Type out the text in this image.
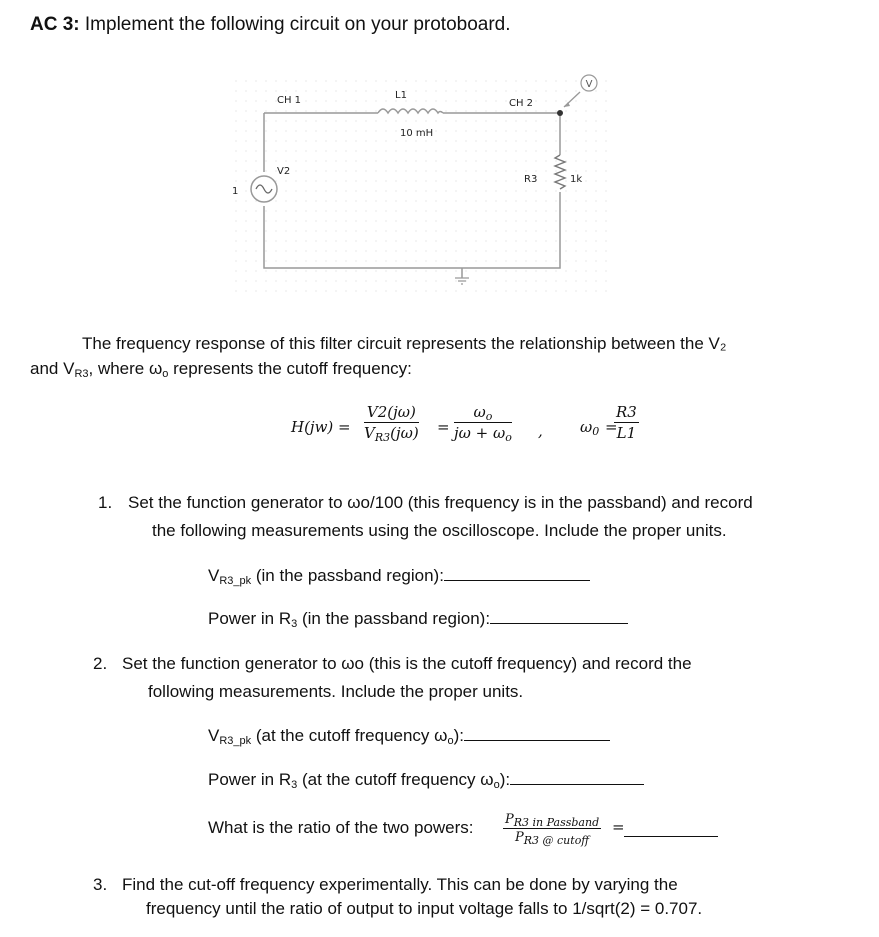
AC 3: Implement the following circuit on your protoboard.
V
CH 1	CH 2
L1
10 mH
V2
1
R3	1k
The frequency response of this filter circuit represents the relationship between the V₂
and $V_{R3}$, where $\omega_o$ represents the cutoff frequency:
$H(jw) = \frac{V2(j\omega)}{V_{R3}(j\omega)} = \frac{\omega_o}{j\omega + \omega_o}$ , $\omega_0$ =
$\frac{R3}{L1}$
1. Set the function generator to ωo/100 (this frequency is in the passband) and record
the following measurements using the oscilloscope. Include the proper units.
$V_{R3\_pk}$ (in the passband region):
Power in $R_3$ (in the passband region):
2. Set the function generator to ωo (this is the cutoff frequency) and record the
following measurements. Include the proper units.
$V_{R3\_pk}$ (at the cutoff frequency $\omega_o$):
Power in $R_3$ (at the cutoff frequency $\omega_o$):
What is the ratio of the two powers: $P_{R3 in Passband}$
$P_{R3 @ cutoff}$
=
3. Find the cut-off frequency experimentally. This can be done by varying the
frequency until the ratio of output to input voltage falls to 1/sqrt(2) = 0.707.
